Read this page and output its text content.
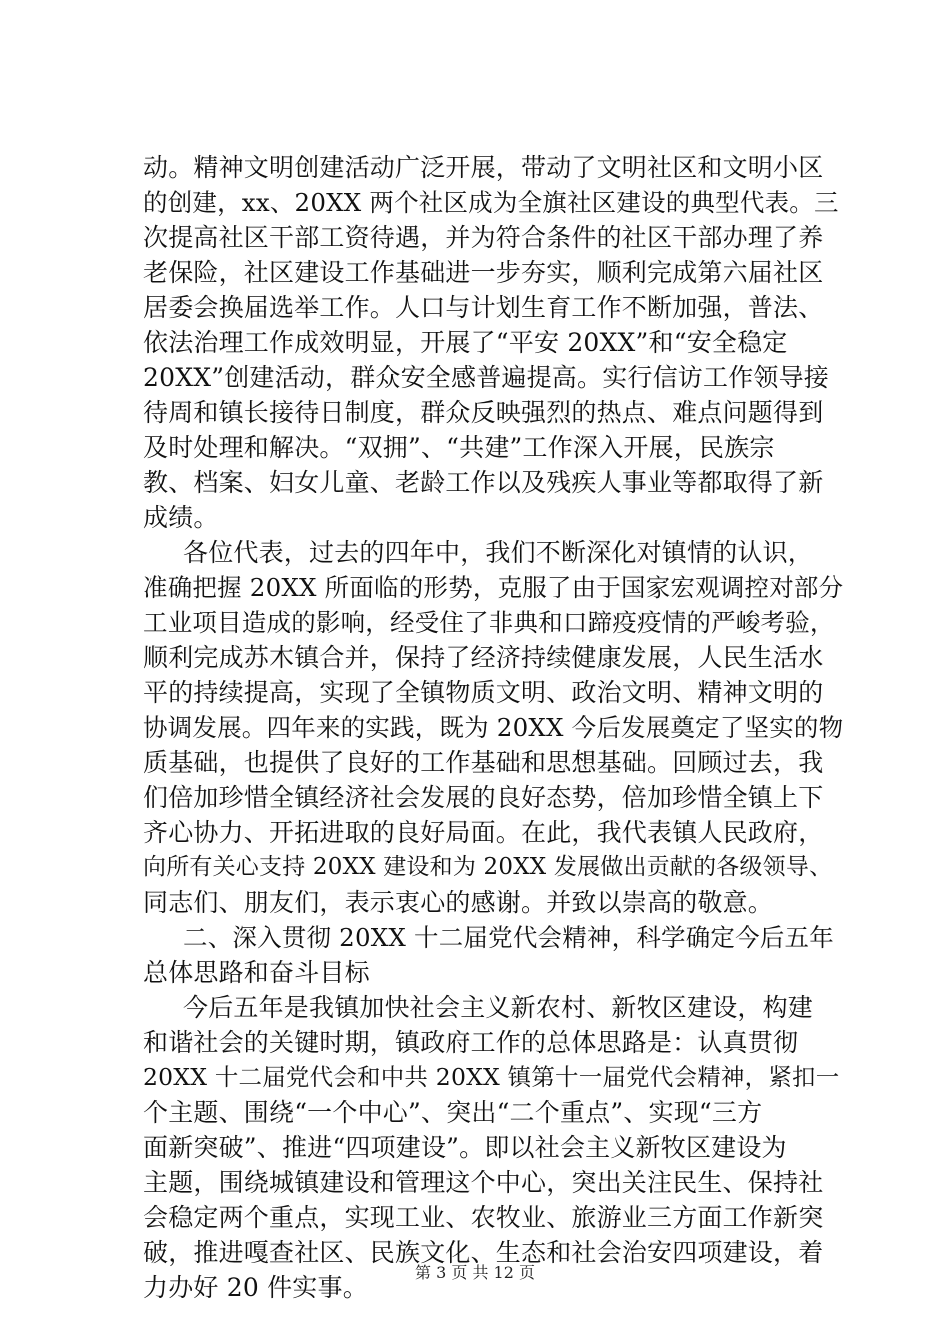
动。精神文明创建活动广泛开展，带动了文明社区和文明小区
的创建，xx、20XX 两个社区成为全旗社区建设的典型代表。三
次提高社区干部工资待遇，并为符合条件的社区干部办理了养
老保险，社区建设工作基础进一步夯实，顺利完成第六届社区
居委会换届选举工作。人口与计划生育工作不断加强，普法、
依法治理工作成效明显，开展了“平安 20XX”和“安全稳定
20XX”创建活动，群众安全感普遍提高。实行信访工作领导接
待周和镇长接待日制度，群众反映强烈的热点、难点问题得到
及时处理和解决。“双拥”、“共建”工作深入开展，民族宗
教、档案、妇女儿童、老龄工作以及残疾人事业等都取得了新
成绩。
各位代表，过去的四年中，我们不断深化对镇情的认识，
准确把握 20XX 所面临的形势，克服了由于国家宏观调控对部分
工业项目造成的影响，经受住了非典和口蹄疫疫情的严峻考验，
顺利完成苏木镇合并，保持了经济持续健康发展，人民生活水
平的持续提高，实现了全镇物质文明、政治文明、精神文明的
协调发展。四年来的实践，既为 20XX 今后发展奠定了坚实的物
质基础，也提供了良好的工作基础和思想基础。回顾过去，我
们倍加珍惜全镇经济社会发展的良好态势，倍加珍惜全镇上下
齐心协力、开拓进取的良好局面。在此，我代表镇人民政府，
向所有关心支持 20XX 建设和为 20XX 发展做出贡献的各级领导、
同志们、朋友们，表示衷心的感谢。并致以崇高的敬意。
二、深入贯彻 20XX 十二届党代会精神，科学确定今后五年
总体思路和奋斗目标
今后五年是我镇加快社会主义新农村、新牧区建设，构建
和谐社会的关键时期，镇政府工作的总体思路是：认真贯彻
20XX 十二届党代会和中共 20XX 镇第十一届党代会精神，紧扣一
个主题、围绕“一个中心”、突出“二个重点”、实现“三方
面新突破”、推进“四项建设”。即以社会主义新牧区建设为
主题，围绕城镇建设和管理这个中心，突出关注民生、保持社
会稳定两个重点，实现工业、农牧业、旅游业三方面工作新突
破，推进嘎查社区、民族文化、生态和社会治安四项建设，着
力办好 20 件实事。
第 3 页 共 12 页
